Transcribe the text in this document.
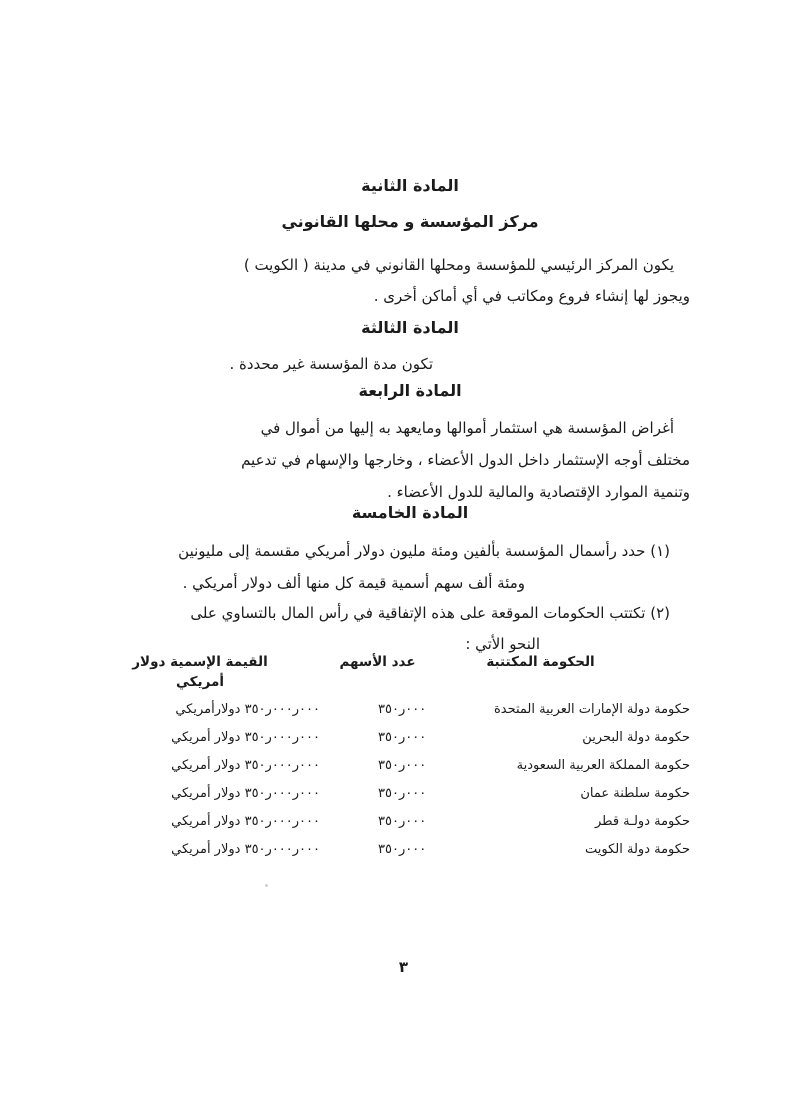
المادة الثانية
مركز المؤسسة و محلها القانوني
يكون المركز الرئيسي للمؤسسة ومحلها القانوني في مدينة ( الكويت )
ويجوز لها إنشاء فروع ومكاتب في أي أماكن أخرى .
المادة الثالثة
تكون مدة المؤسسة غير محددة .
المادة الرابعة
أغراض المؤسسة هي استثمار أموالها ومايعهد به إليها من أموال في
مختلف أوجه الإستثمار داخل الدول الأعضاء ، وخارجها والإسهام في تدعيم
وتنمية الموارد الإقتصادية والمالية للدول الأعضاء .
المادة الخامسة
(١) حدد رأسمال المؤسسة بألفين ومئة مليون دولار أمريكي مقسمة إلى مليونين
ومئة ألف سهم أسمية قيمة كل منها ألف دولار أمريكي .
(٢) تكتتب الحكومات الموقعة على هذه الإتفاقية في رأس المال بالتساوي على
النحو الأتي :
الحكومة المكتتبة
عدد الأسهم
القيمة الإسمية دولار أمريكي
حكومة دولة الإمارات العربية المتحدة
٣٥٠ر٠٠٠
٣٥٠ر٠٠٠ر٠٠٠ دولارأمريكي
حكومة دولة البحرين
٣٥٠ر٠٠٠
٣٥٠ر٠٠٠ر٠٠٠ دولار أمريكي
حكومة المملكة العربية السعودية
٣٥٠ر٠٠٠
٣٥٠ر٠٠٠ر٠٠٠ دولار أمريكي
حكومة سلطنة عمان
٣٥٠ر٠٠٠
٣٥٠ر٠٠٠ر٠٠٠ دولار أمريكي
حكومة دولـة قطر
٣٥٠ر٠٠٠
٣٥٠ر٠٠٠ر٠٠٠ دولار أمريكي
حكومة دولة الكويت
٣٥٠ر٠٠٠
٣٥٠ر٠٠٠ر٠٠٠ دولار أمريكي
٣
